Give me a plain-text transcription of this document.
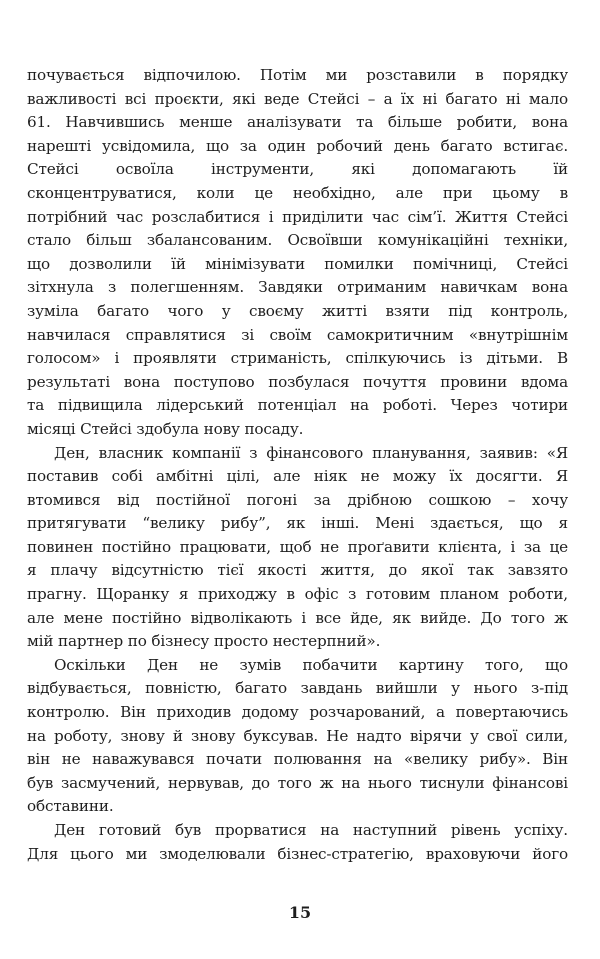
почувається відпочилою. Потім ми розставили в порядку
важливості всі проєкти, які веде Стейсі – а їх ні багато ні мало
61. Навчившись менше аналізувати та більше робити, вона
нарешті усвідомила, що за один робочий день багато встигає.
Стейсі освоїла інструменти, які допомагають їй
сконцентруватися, коли це необхідно, але при цьому в
потрібний час розслабитися і приділити час сім’ї. Життя Стейсі
стало більш збалансованим. Освоївши комунікаційні техніки,
що дозволили їй мінімізувати помилки помічниці, Стейсі
зітхнула з полегшенням. Завдяки отриманим навичкам вона
зуміла багато чого у своєму житті взяти під контроль,
навчилася справлятися зі своїм самокритичним «внутрішнім
голосом» і проявляти стриманість, спілкуючись із дітьми. В
результаті вона поступово позбулася почуття провини вдома
та підвищила лідерський потенціал на роботі. Через чотири
місяці Стейсі здобула нову посаду.
Ден, власник компанії з фінансового планування, заявив: «Я
поставив собі амбітні цілі, але ніяк не можу їх досягти. Я
втомився від постійної погоні за дрібною сошкою – хочу
притягувати “велику рибу”, як інші. Мені здається, що я
повинен постійно працювати, щоб не проґавити клієнта, і за це
я плачу відсутністю тієї якості життя, до якої так завзято
прагну. Щоранку я приходжу в офіс з готовим планом роботи,
але мене постійно відволікають і все йде, як вийде. До того ж
мій партнер по бізнесу просто нестерпний».
Оскільки Ден не зумів побачити картину того, що
відбувається, повністю, багато завдань вийшли у нього з-під
контролю. Він приходив додому розчарований, а повертаючись
на роботу, знову й знову буксував. Не надто вірячи у свої сили,
він не наважувався почати полювання на «велику рибу». Він
був засмучений, нервував, до того ж на нього тиснули фінансові
обставини.
Ден готовий був прорватися на наступний рівень успіху.
Для цього ми змоделювали бізнес-стратегію, враховуючи його
15
